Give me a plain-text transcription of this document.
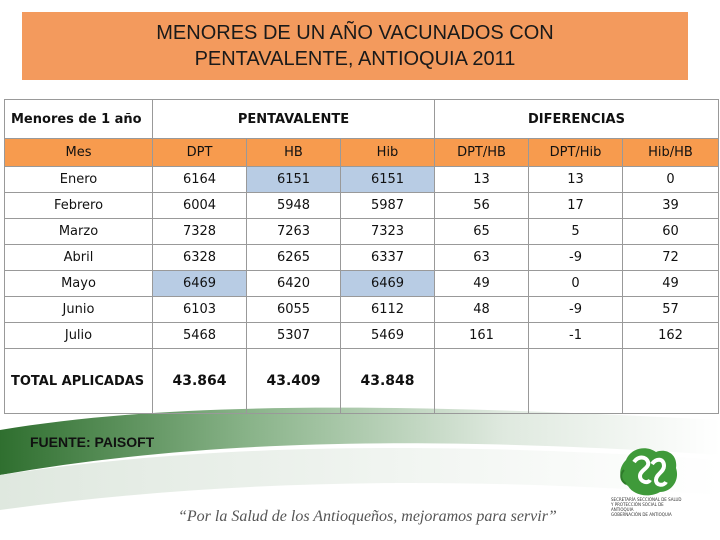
MENORES DE UN AÑO VACUNADOS CON
PENTAVALENTE, ANTIOQUIA 2011
Menores de 1 año	PENTAVALENTE			DIFERENCIAS		
Mes	DPT	HB	Hib	DPT/HB	DPT/Hib	Hib/HB
Enero	6164	6151	6151	13	13	0
Febrero	6004	5948	5987	56	17	39
Marzo	7328	7263	7323	65	5	60
Abril	6328	6265	6337	63	-9	72
Mayo	6469	6420	6469	49	0	49
Junio	6103	6055	6112	48	-9	57
Julio	5468	5307	5469	161	-1	162
TOTAL APLICADAS	43.864	43.409	43.848			
FUENTE: PAISOFT
SECRETARÍA SECCIONAL DE SALUD
Y PROTECCIÓN SOCIAL DE ANTIOQUIA
GOBERNACIÓN DE ANTIOQUIA
“Por la Salud de los Antioqueños, mejoramos para servir”
